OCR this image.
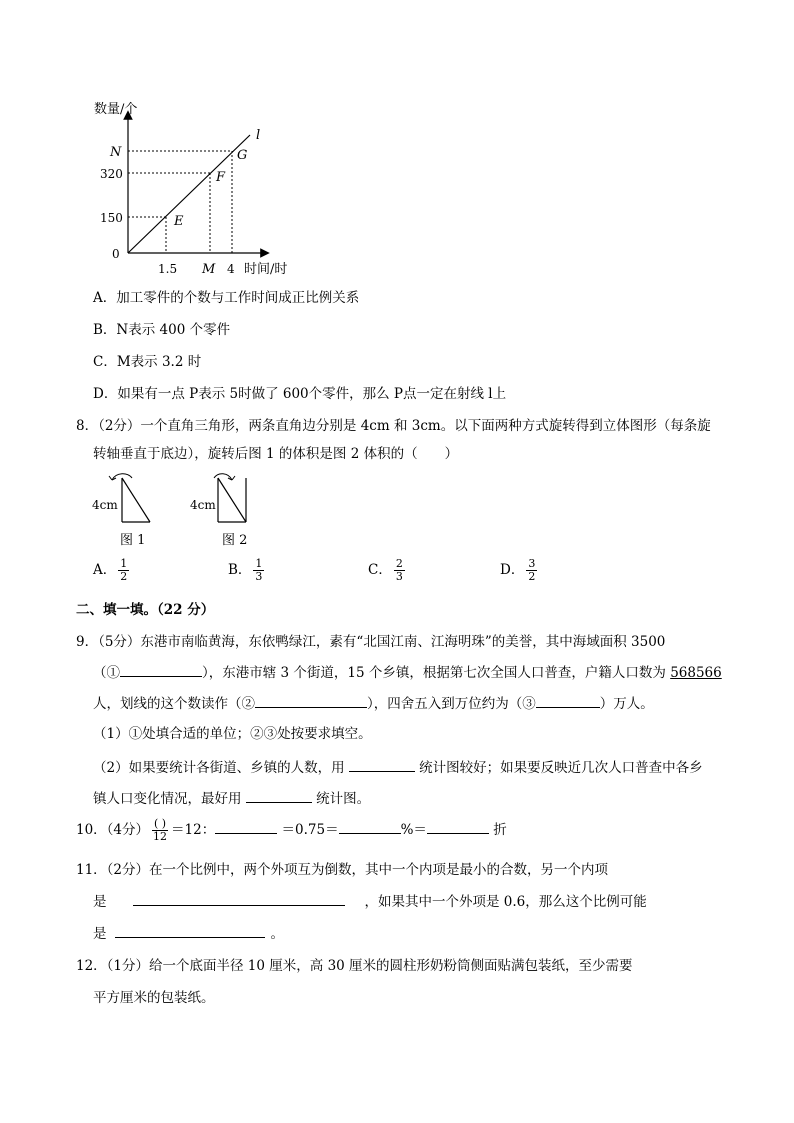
数量/个
时间/时
l
N
320
150
0
1.5 M 4
E
F
G
A．加工零件的个数与工作时间成正比例关系
B．N表示 400 个零件
C．M表示 3.2 时
D．如果有一点 P表示 5时做了 600个零件，那么 P点一定在射线 l上
8．（2分）一个直角三角形，两条直角边分别是 4cm 和 3cm。以下面两种方式旋转得到立体图形（每条旋
转轴垂直于底边），旋转后图 1 的体积是图 2 体积的（　　）
4cm
图 1
4cm
图 2
A． $\frac{1}{2}$	B． $\frac{1}{3}$	C． $\frac{2}{3}$	D． $\frac{3}{2}$
二、填一填。（22 分）
9．（5分）东港市南临黄海，东依鸭绿江，素有“北国江南、江海明珠”的美誉，其中海域面积 3500
（①	），东港市辖 3 个街道，15 个乡镇，根据第七次全国人口普查，户籍人口数为 568566
人，划线的这个数读作（②	），四舍五入到万位约为（③	）万人。
（1）①处填合适的单位；②③处按要求填空。
（2）如果要统计各街道、乡镇的人数，用	统计图较好；如果要反映近几次人口普查中各乡
镇人口变化情况，最好用	统计图。
10．（4分） $\frac{( )}{12} =12$：	＝0.75＝	%＝	折
11．（2分）在一个比例中，两个外项互为倒数，其中一个内项是最小的合数，另一个内项
是	，如果其中一个外项是 0.6，那么这个比例可能
是	。
12．（1分）给一个底面半径 10 厘米，高 30 厘米的圆柱形奶粉筒侧面贴满包装纸，至少需要
平方厘米的包装纸。
